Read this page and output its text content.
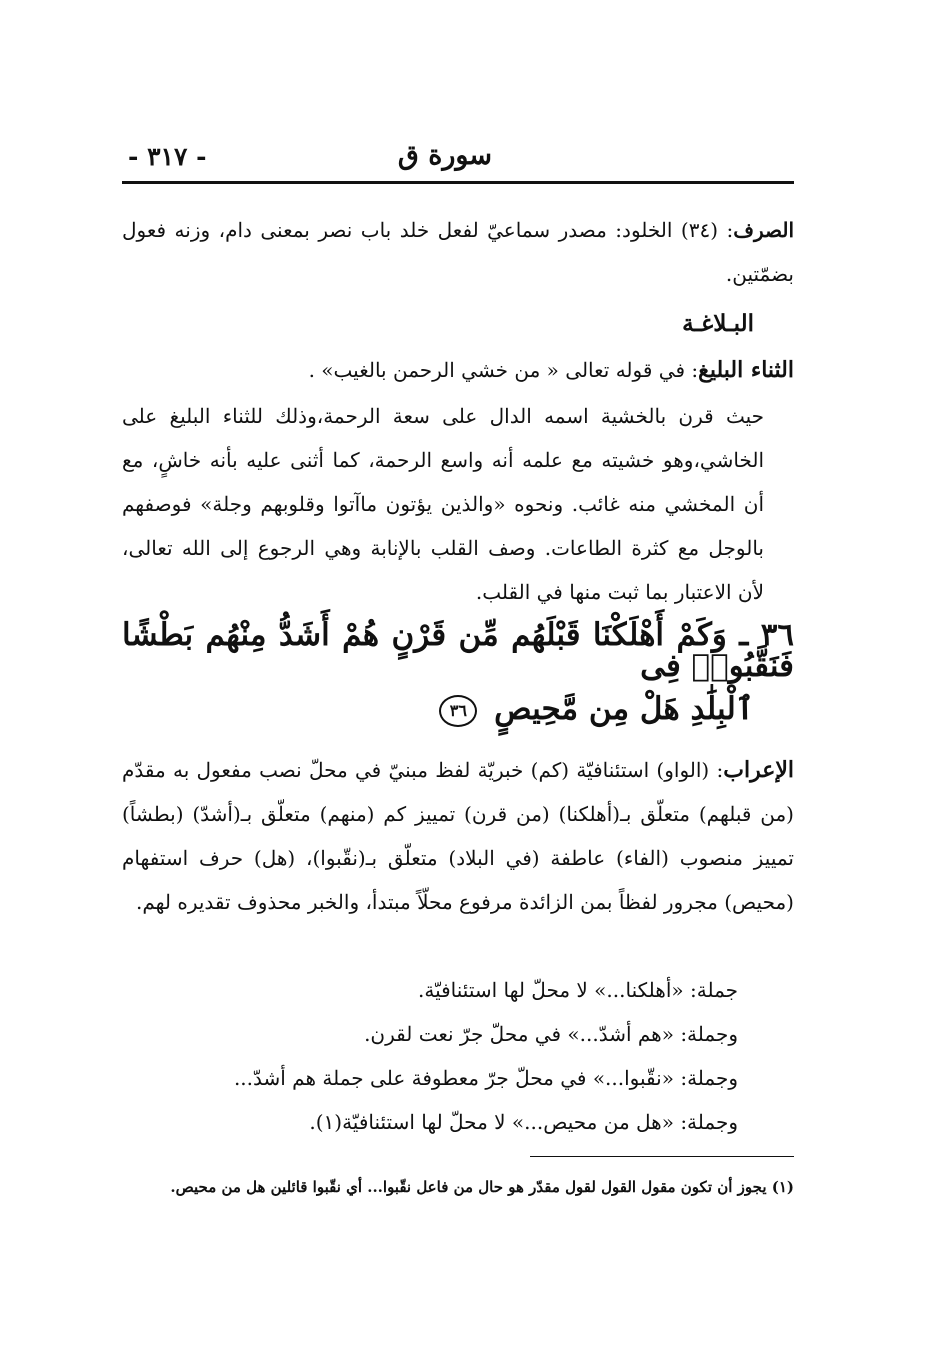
سورة ق
- ٣١٧ -
الصرف: (٣٤) الخلود: مصدر سماعيّ لفعل خلد باب نصر بمعنى دام، وزنه فعول بضمّتين.
البـلاغـة
الثناء البليغ: في قوله تعالى « من خشي الرحمن بالغيب» .
حيث قرن بالخشية اسمه الدال على سعة الرحمة،وذلك للثناء البليغ على الخاشي،وهو خشيته مع علمه أنه واسع الرحمة، كما أثنى عليه بأنه خاشٍ، مع أن المخشي منه غائب. ونحوه «والذين يؤتون ماآتوا وقلوبهم وجلة» فوصفهم بالوجل مع كثرة الطاعات. وصف القلب بالإنابة وهي الرجوع إلى الله تعالى، لأن الاعتبار بما ثبت منها في القلب.
الإعراب: (الواو) استئنافيّة (كم) خبريّة لفظ مبنيّ في محلّ نصب مفعول به مقدّم (من قبلهم) متعلّق بـ(أهلكنا) (من قرن) تمييز كم (منهم) متعلّق بـ(أشدّ) (بطشاً) تمييز منصوب (الفاء) عاطفة (في البلاد) متعلّق بـ(نقّبوا)، (هل) حرف استفهام (محيص) مجرور لفظاً بمن الزائدة مرفوع محلّاً مبتدأ، والخبر محذوف تقديره لهم.
جملة: «أهلكنا...» لا محلّ لها استئنافيّة.
وجملة: «هم أشدّ...» في محلّ جرّ نعت لقرن.
وجملة: «نقّبوا...» في محلّ جرّ معطوفة على جملة هم أشدّ...
وجملة: «هل من محيص...» لا محلّ لها استئنافيّة(١).
٣٦ ـ وَكَمْ أَهْلَكْنَا قَبْلَهُم مِّن قَرْنٍ هُمْ أَشَدُّ مِنْهُم بَطْشًا فَنَقَّبُوا۟ فِى
ٱلْبِلَٰدِ هَلْ مِن مَّحِيصٍ ٣٦
(١) يجوز أن تكون مقول القول لقول مقدّر هو حال من فاعل نقّبوا... أي نقّبوا قائلين هل من محيص.
